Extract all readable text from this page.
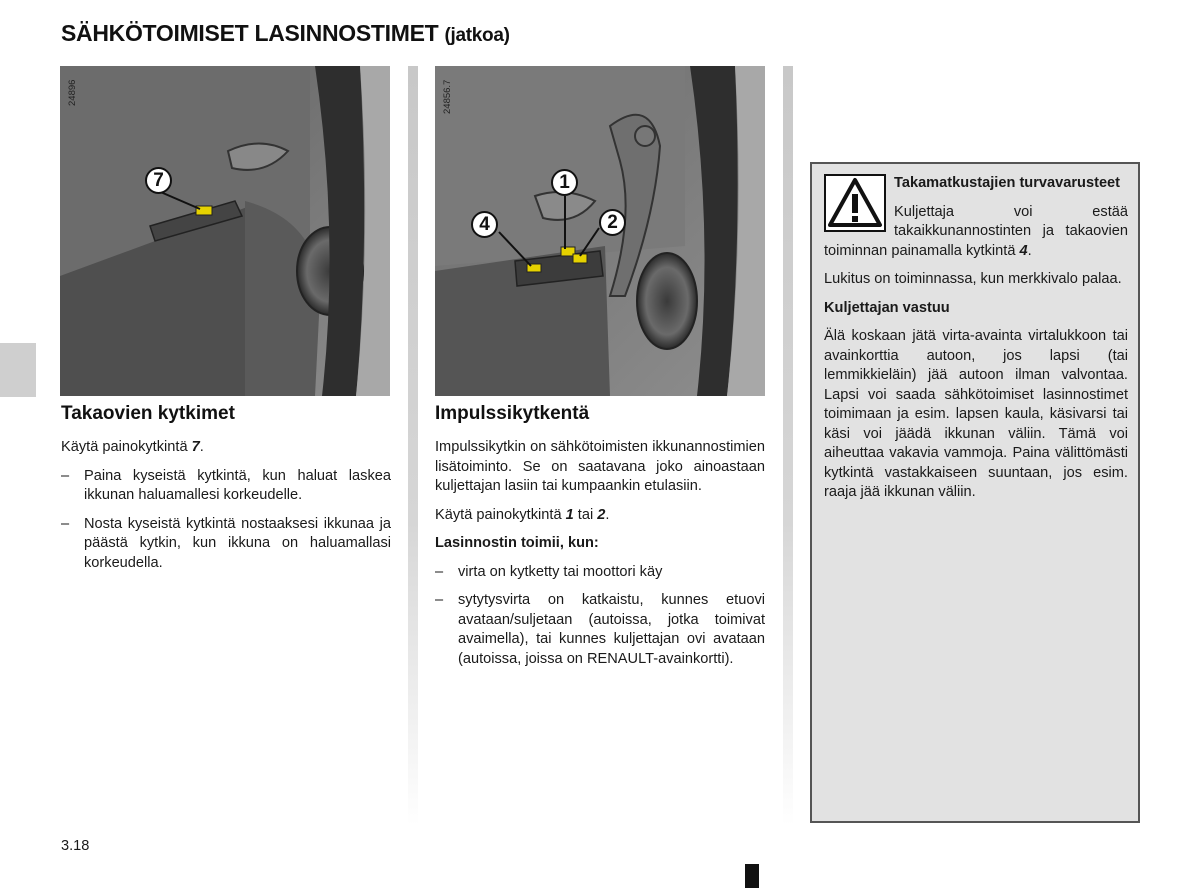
SÄHKÖTOIMISET LASINNOSTIMET (jatkoa)
24896
7
24856.7
1
2
4
Takaovien kytkimet

Käytä painokytkintä 7.

– Paina kyseistä kytkintä, kun haluat laskea ikkunan haluamallesi korkeudelle.
– Nosta kyseistä kytkintä nostaaksesi ikkunaa ja päästä kytkin, kun ikkuna on haluamallasi korkeudella.
Impulssikytkentä

Impulssikytkin on sähkötoimisten ikkunannostimien lisätoiminto. Se on saatavana joko ainoastaan kuljettajan lasiin tai kumpaankin etulasiin.

Käytä painokytkintä 1 tai 2.

Lasinnostin toimii, kun:

– virta on kytketty tai moottori käy
– sytytysvirta on katkaistu, kunnes etuovi avataan/suljetaan (autoissa, jotka toimivat avaimella), tai kunnes kuljettajan ovi avataan (autoissa, joissa on RENAULT-avainkortti).

Takamatkustajien turvavarusteet

Kuljettaja voi estää takaikkunannostinten ja takaovien toiminnan painamalla kytkintä 4.

Lukitus on toiminnassa, kun merkkivalo palaa.

Kuljettajan vastuu

Älä koskaan jätä virta-avainta virtalukkoon tai avainkorttia autoon, jos lapsi (tai lemmikkieläin) jää autoon ilman valvontaa. Lapsi voi saada sähkötoimiset lasinnostimet toimimaan ja esim. lapsen kaula, käsivarsi tai käsi voi jäädä ikkunan väliin. Tämä voi aiheuttaa vakavia vammoja. Paina välittömästi kytkintä vastakkaiseen suuntaan, jos esim. raaja jää ikkunan väliin.

3.18
